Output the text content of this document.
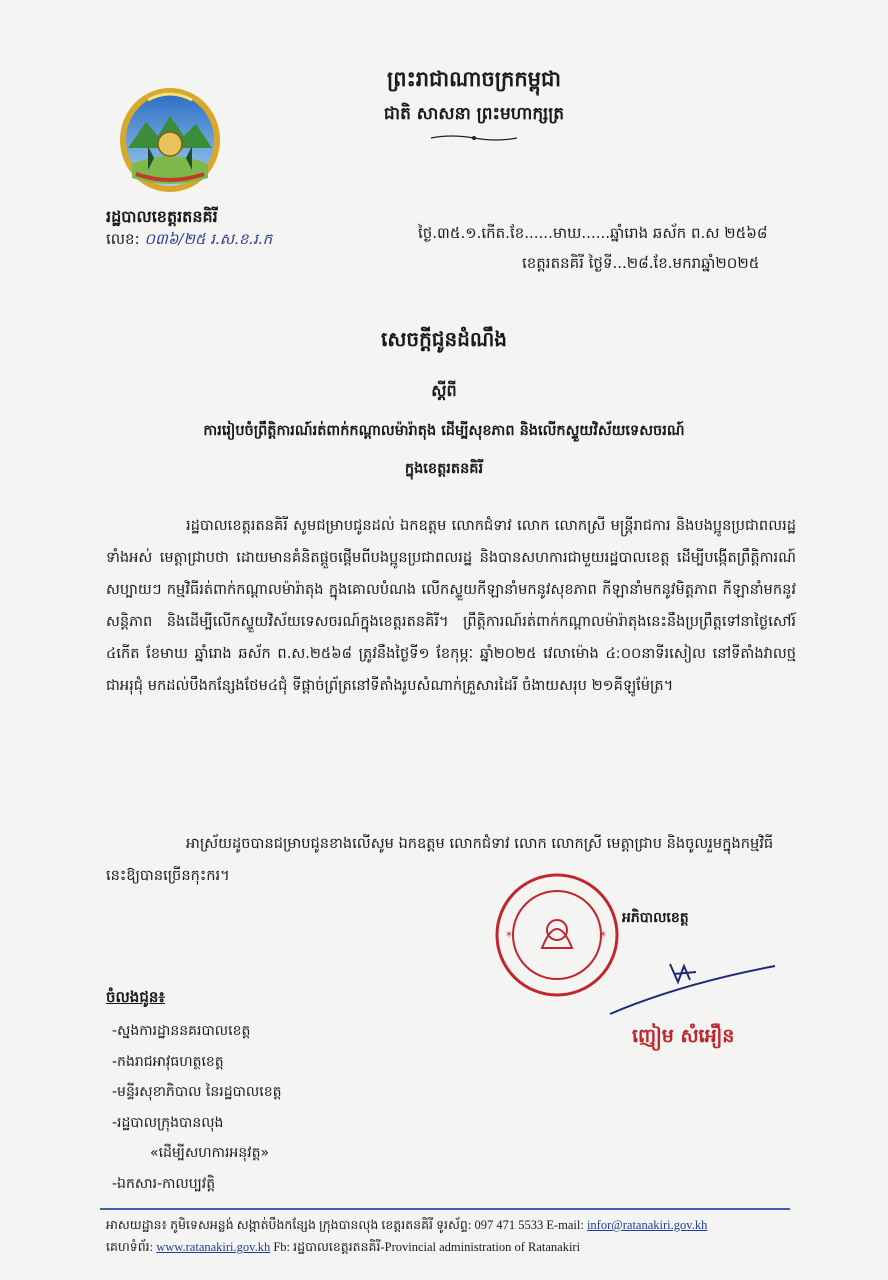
ព្រះរាជាណាចក្រកម្ពុជា
ជាតិ សាសនា ព្រះមហាក្សត្រ
រដ្ឋបាលខេត្តរតនគិរី
លេខ: ០៣៦/២៥ រ.ស.ខ.រ.ក	ថ្ងៃ.៣៥.១.កើត.ខែ......មាឃ......ឆ្នាំរោង ឆស័ក ព.ស ២៥៦៨
ខេត្តរតនគិរី ថ្ងៃទី...២៨.ខែ.មករាឆ្នាំ២០២៥
សេចក្តីជូនដំណឹង
ស្តីពី
ការរៀបចំព្រឹត្តិការណ៍រត់ពាក់កណ្តាលម៉ារ៉ាតុង ដើម្បីសុខភាព និងលើកស្ទួយវិស័យទេសចរណ៍
ក្នុងខេត្តរតនគិរី

រដ្ឋបាលខេត្តរតនគិរី សូមជម្រាបជូនដល់ ឯកឧត្តម លោកជំទាវ លោក លោកស្រី មន្រ្តីរាជការ និងបងប្អូនប្រជាពលរដ្ឋទាំងអស់ មេត្តាជ្រាបថា ដោយមានគំនិតផ្តួចផ្តើមពីបងប្អូនប្រជាពលរដ្ឋ និងបានសហការជាមួយរដ្ឋបាលខេត្ត ដើម្បីបង្កើតព្រឹត្តិការណ៍សប្បាយៗ កម្មវិធីរត់ពាក់កណ្តាលម៉ារ៉ាតុង ក្នុងគោលបំណង លើកស្ទួយកីឡានាំមកនូវសុខភាព កីឡានាំមកនូវមិត្តភាព កីឡានាំមកនូវសន្តិភាព និងដើម្បីលើកស្ទួយវិស័យទេសចរណ៍ក្នុងខេត្តរតនគិរី។ ព្រឹត្តិការណ៍រត់ពាក់កណ្តាលម៉ារ៉ាតុងនេះនឹងប្រព្រឹត្តទៅនាថ្ងៃសៅរ៍ ៤កើត ខែមាឃ ឆ្នាំរោង ឆស័ក ព.ស.២៥៦៨ ត្រូវនឹងថ្ងៃទី១ ខែកុម្ភៈ ឆ្នាំ២០២៥ វេលាម៉ោង ៤:០០នាទីរសៀល នៅទីតាំងវាលថ្មជាអរុជុំ មកដល់បឹងកន្សែងថែម៤ជុំ ទីផ្តាច់ព្រ័ត្រនៅទីតាំងរូបសំណាក់គ្រួសារដៃរី ចំងាយសរុប ២១គីឡូម៉ែត្រ។

អាស្រ័យដូចបានជម្រាបជូនខាងលើសូម ឯកឧត្តម លោកជំទាវ លោក លោកស្រី មេត្តាជ្រាប និងចូលរួមក្នុងកម្មវិធីនេះឱ្យបានច្រើនកុះករ។

*	*
អភិបាលខេត្ត
ញៀម សំអឿន
ចំលងជូន៖
-ស្នងការដ្ឋាននគរបាលខេត្ត
-កងរាជអាវុធហត្ថខេត្ត
-មន្ទីរសុខាភិបាល នៃរដ្ឋបាលខេត្ត
-រដ្ឋបាលក្រុងបានលុង
«ដើម្បីសហការអនុវត្ត»
-ឯកសារ-កាលប្បវត្តិ
អាសយដ្ឋាន៖ ភូមិទេសអន្លង់ សង្កាត់បឹងកន្សែង ក្រុងបានលុង ខេត្តរតនគិរី ទូរស័ព្ទ: 097 471 5533 E-mail: infor@ratanakiri.gov.kh
គេហទំព័រ: www.ratanakiri.gov.kh Fb: រដ្ឋបាលខេត្តរតនគិរី-Provincial administration of Ratanakiri
